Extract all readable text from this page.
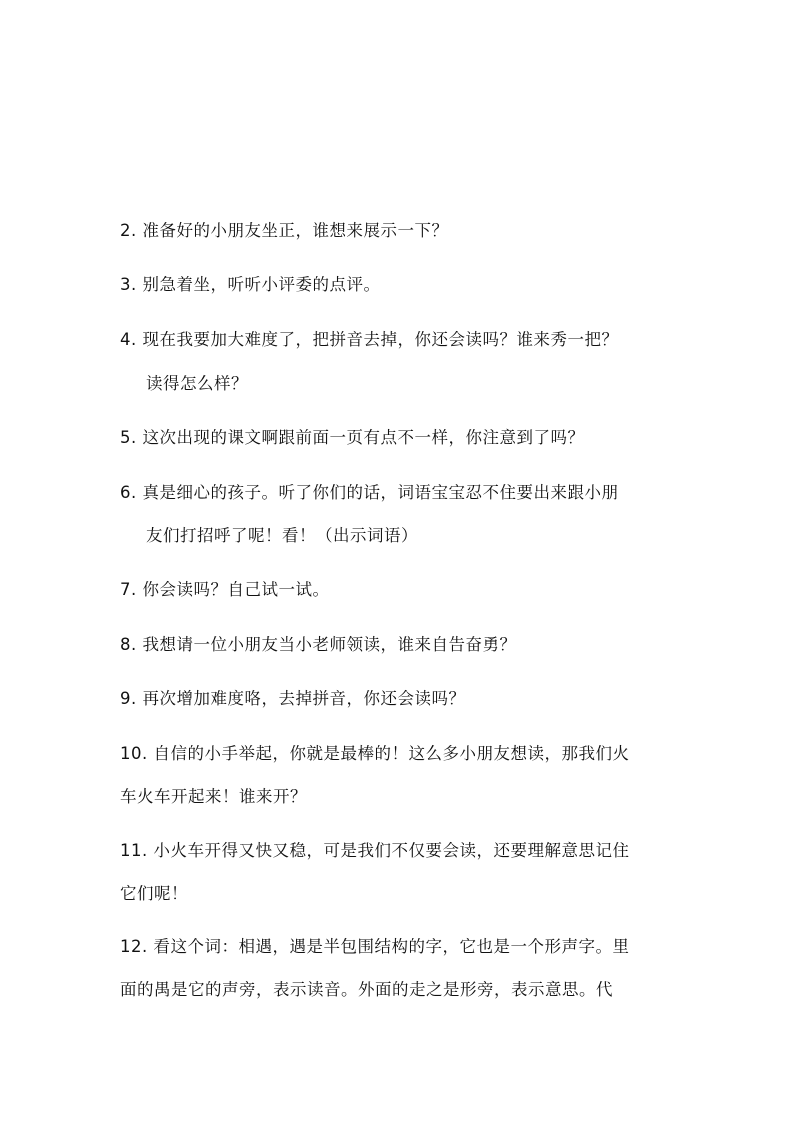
2. 准备好的小朋友坐正，谁想来展示一下？
3. 别急着坐，听听小评委的点评。
4. 现在我要加大难度了，把拼音去掉，你还会读吗？谁来秀一把？
读得怎么样？
5. 这次出现的课文啊跟前面一页有点不一样，你注意到了吗？
6. 真是细心的孩子。听了你们的话，词语宝宝忍不住要出来跟小朋
友们打招呼了呢！看！（出示词语）
7. 你会读吗？自己试一试。
8. 我想请一位小朋友当小老师领读，谁来自告奋勇？
9. 再次增加难度咯，去掉拼音，你还会读吗？
10. 自信的小手举起，你就是最棒的！这么多小朋友想读，那我们火
车火车开起来！谁来开？
11. 小火车开得又快又稳，可是我们不仅要会读，还要理解意思记住
它们呢！
12. 看这个词：相遇，遇是半包围结构的字，它也是一个形声字。里
面的禺是它的声旁，表示读音。外面的走之是形旁，表示意思。代
